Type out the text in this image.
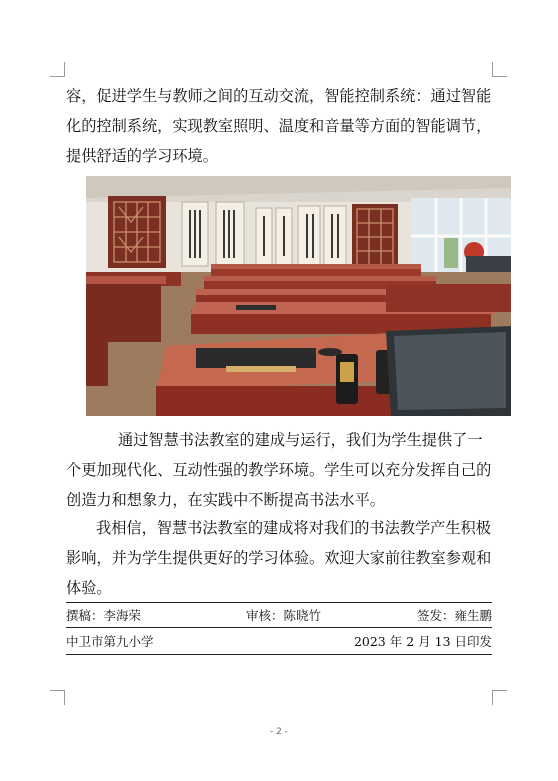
容，促进学生与教师之间的互动交流，智能控制系统：通过智能化的控制系统，实现教室照明、温度和音量等方面的智能调节，提供舒适的学习环境。

通过智慧书法教室的建成与运行，我们为学生提供了一个更加现代化、互动性强的教学环境。学生可以充分发挥自己的创造力和想象力，在实践中不断提高书法水平。

我相信，智慧书法教室的建成将对我们的书法教学产生积极影响，并为学生提供更好的学习体验。欢迎大家前往教室参观和体验。

撰稿：李海荣	审核：陈晓竹	签发：雍生鹏
中卫市第九小学	2023 年 2 月 13 日印发
- 2 -
